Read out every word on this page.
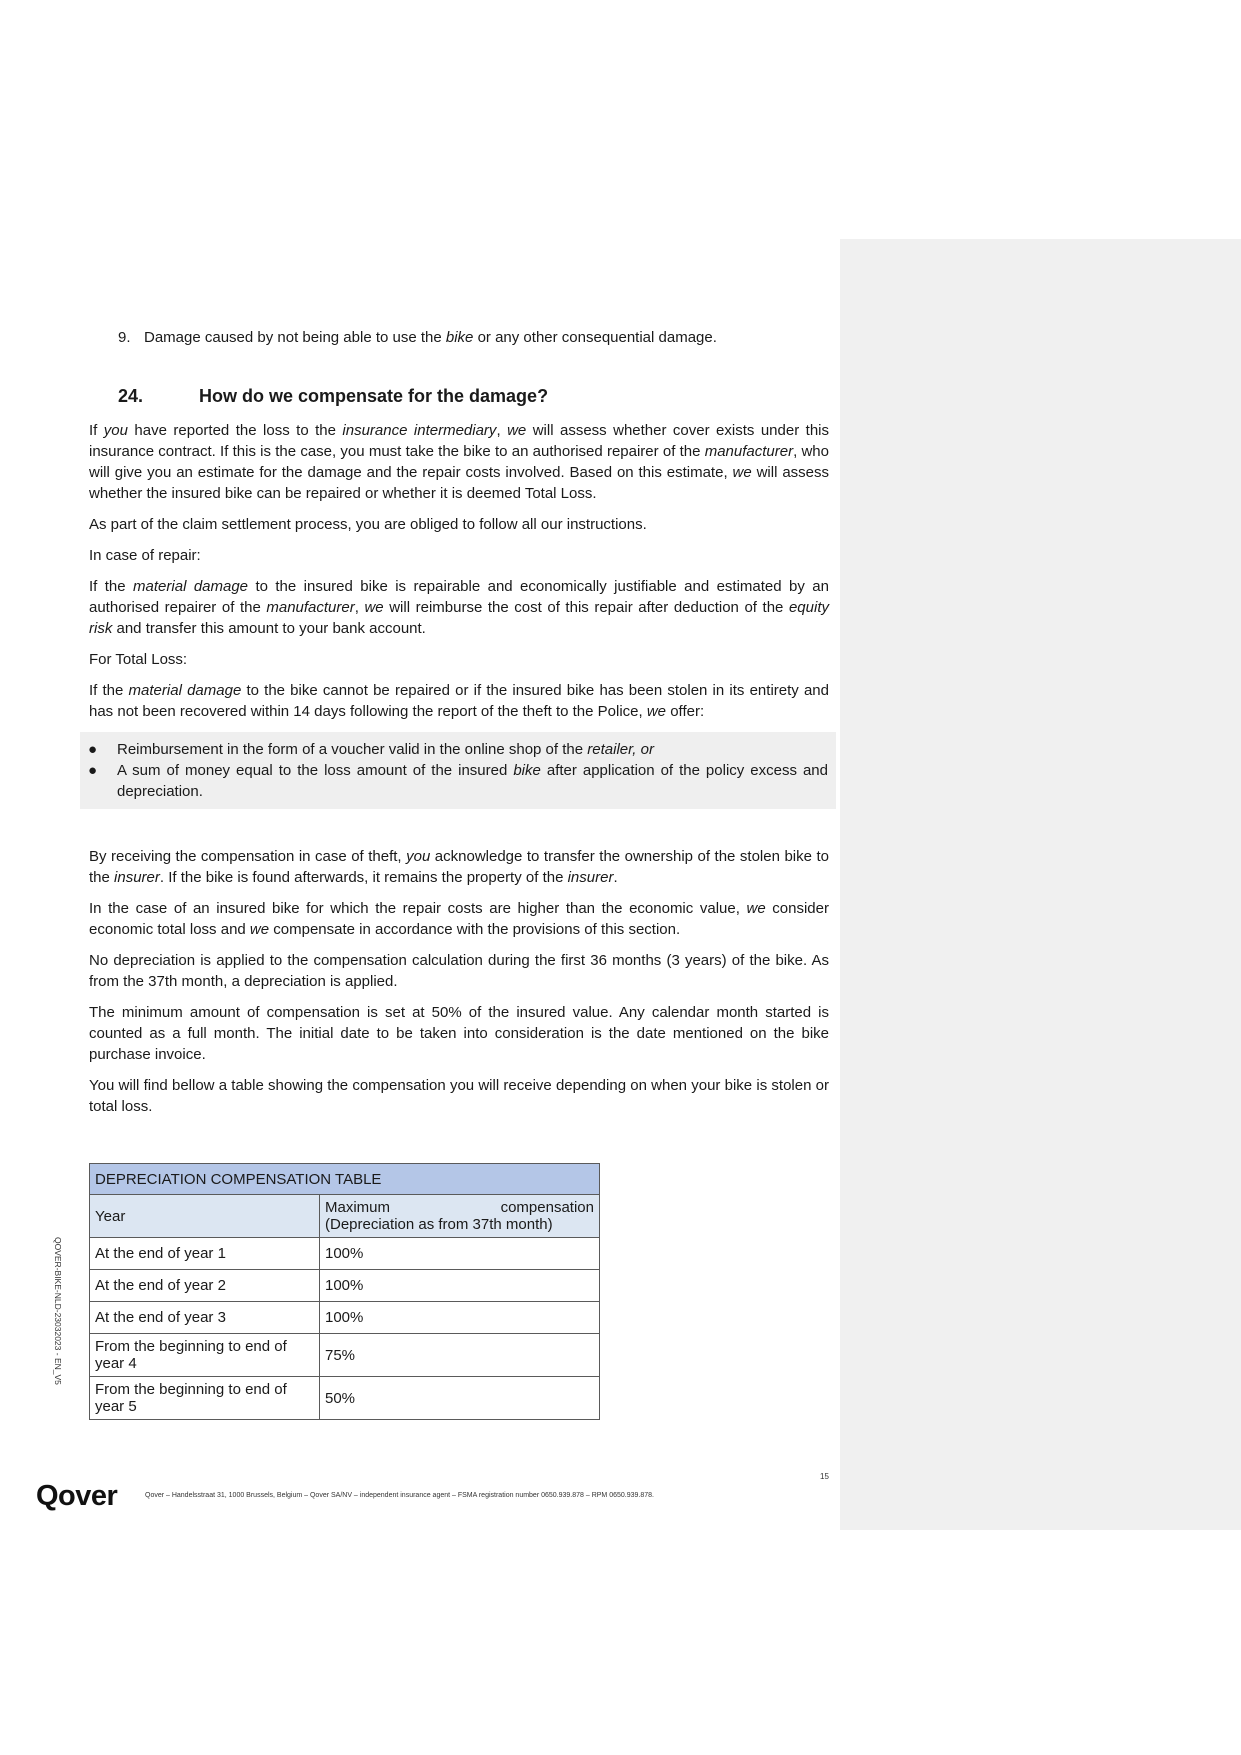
9. Damage caused by not being able to use the bike or any other consequential damage.
24.	How do we compensate for the damage?

If you have reported the loss to the insurance intermediary, we will assess whether cover exists under this insurance contract. If this is the case, you must take the bike to an authorised repairer of the manufacturer, who will give you an estimate for the damage and the repair costs involved. Based on this estimate, we will assess whether the insured bike can be repaired or whether it is deemed Total Loss.

As part of the claim settlement process, you are obliged to follow all our instructions.

In case of repair:

If the material damage to the insured bike is repairable and economically justifiable and estimated by an authorised repairer of the manufacturer, we will reimburse the cost of this repair after deduction of the equity risk and transfer this amount to your bank account.

For Total Loss:

If the material damage to the bike cannot be repaired or if the insured bike has been stolen in its entirety and has not been recovered within 14 days following the report of the theft to the Police, we offer:

● Reimbursement in the form of a voucher valid in the online shop of the retailer, or
● A sum of money equal to the loss amount of the insured bike after application of the policy excess and depreciation.

By receiving the compensation in case of theft, you acknowledge to transfer the ownership of the stolen bike to the insurer. If the bike is found afterwards, it remains the property of the insurer.

In the case of an insured bike for which the repair costs are higher than the economic value, we consider economic total loss and we compensate in accordance with the provisions of this section.

No depreciation is applied to the compensation calculation during the first 36 months (3 years) of the bike. As from the 37th month, a depreciation is applied.

The minimum amount of compensation is set at 50% of the insured value. Any calendar month started is counted as a full month. The initial date to be taken into consideration is the date mentioned on the bike purchase invoice.

You will find bellow a table showing the compensation you will receive depending on when your bike is stolen or total loss.

DEPRECIATION COMPENSATION TABLE	
Year	Maximum compensation
(Depreciation as from 37th month)

At the end of year 1	100%
At the end of year 2	100%
At the end of year 3	100%
From the beginning to end of year 4	75%
From the beginning to end of year 5	50%
QOVER-BIKE-NLD-23032023 - EN_V5
15
Qover	Qover – Handelsstraat 31, 1000 Brussels, Belgium – Qover SA/NV – independent insurance agent – FSMA registration number 0650.939.878 – RPM 0650.939.878.
